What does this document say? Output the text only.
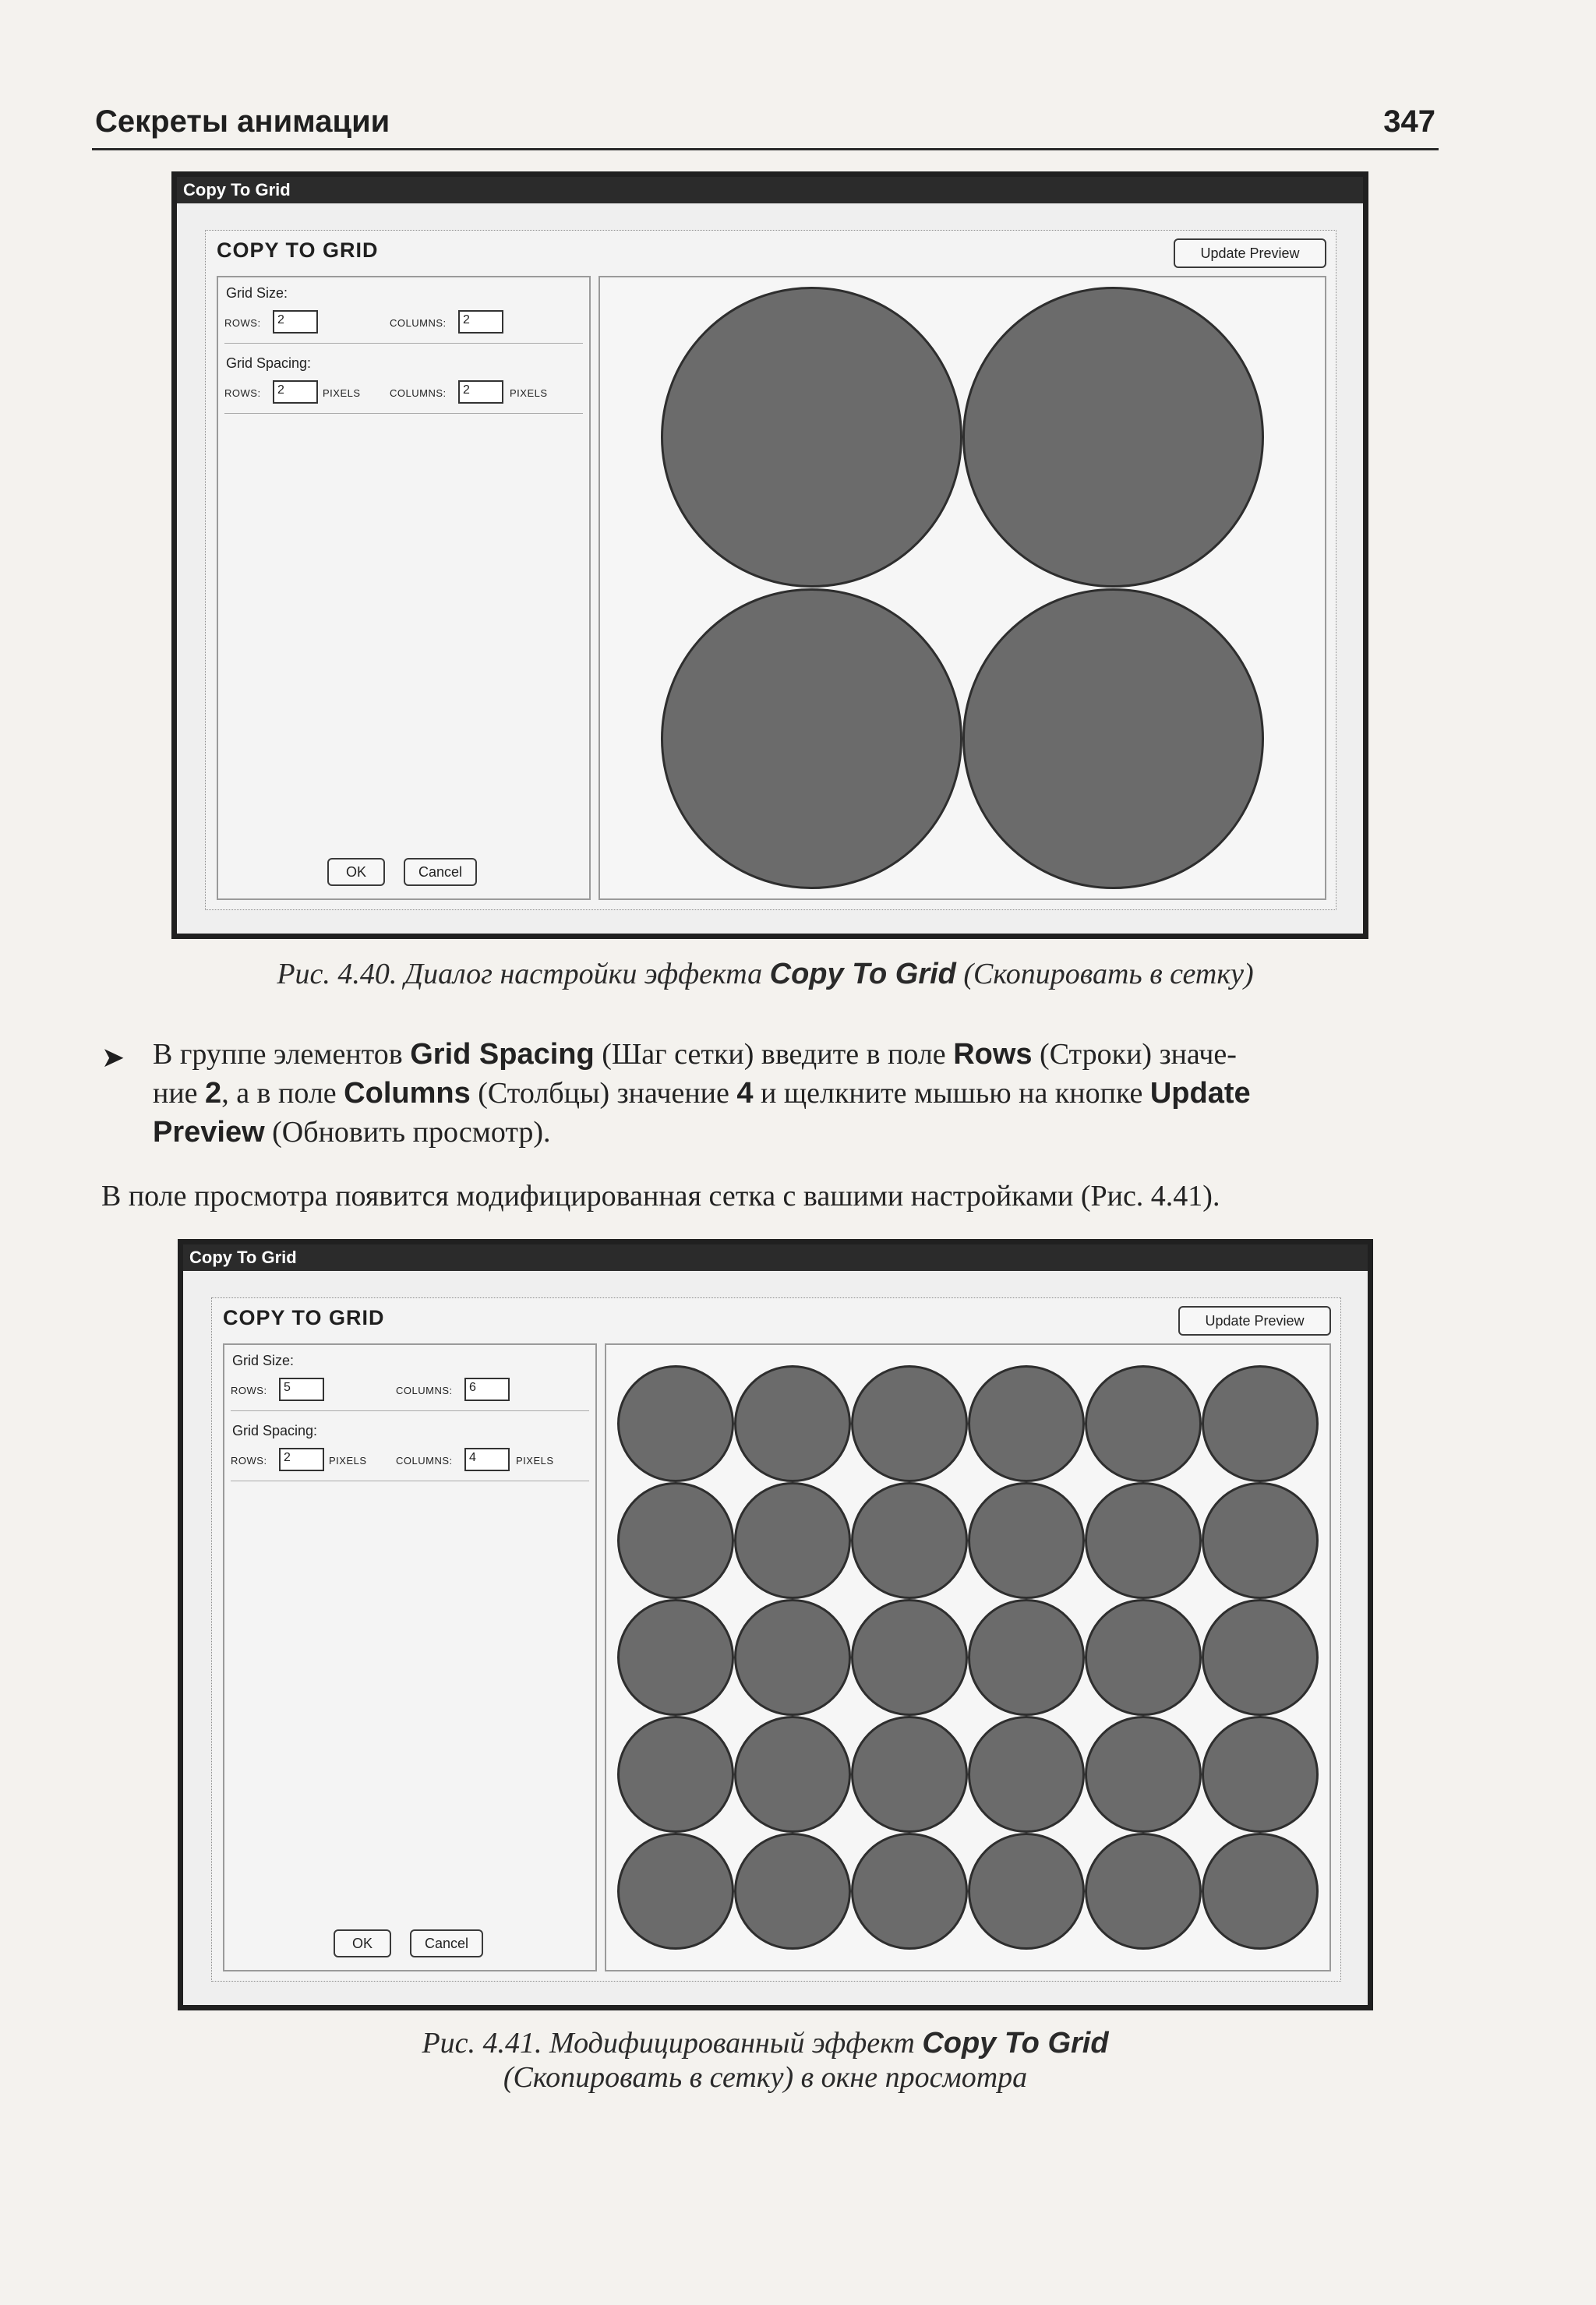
Секреты анимации	347
Copy To Grid
COPY TO GRID	Update Preview
Grid Size:
ROWS:	2	COLUMNS:	2
Grid Spacing:
ROWS:	2	PIXELS	COLUMNS:	2	PIXELS
OK	Cancel
Рис. 4.40. Диалог настройки эффекта Copy To Grid (Скопировать в сетку)
➤ В группе элементов Grid Spacing (Шаг сетки) введите в поле Rows (Строки) значе-
ние 2, а в поле Columns (Столбцы) значение 4 и щелкните мышью на кнопке Update
Preview (Обновить просмотр).
В поле просмотра появится модифицированная сетка с вашими настройками (Рис. 4.41).
Copy To Grid
COPY TO GRID	Update Preview
Grid Size:
ROWS:	5	COLUMNS:	6
Grid Spacing:
ROWS:	2	PIXELS	COLUMNS:	4	PIXELS
OK	Cancel
Рис. 4.41. Модифицированный эффект Copy To Grid
(Скопировать в сетку) в окне просмотра
